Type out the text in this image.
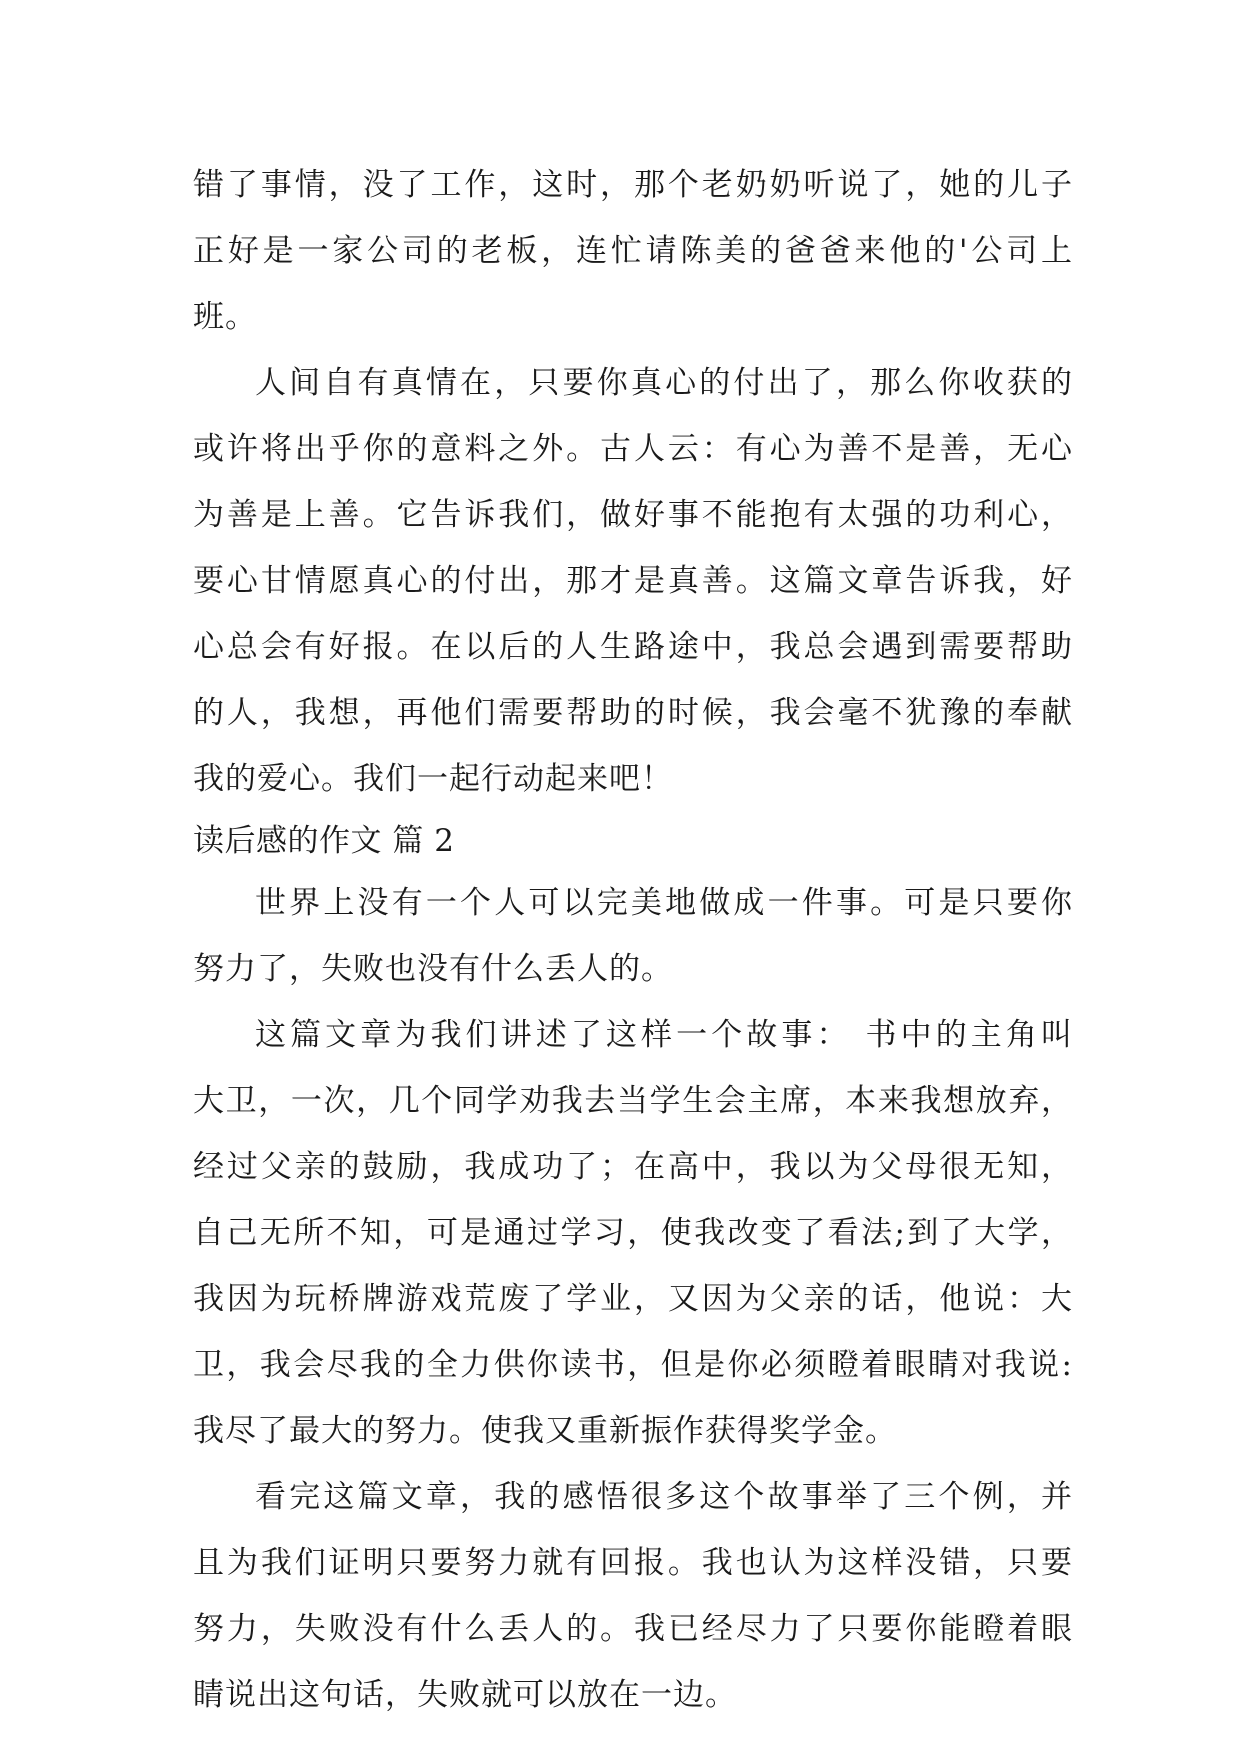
错了事情，没了工作，这时，那个老奶奶听说了，她的儿子
正好是一家公司的老板，连忙请陈美的爸爸来他的'公司上
班。
人间自有真情在，只要你真心的付出了，那么你收获的
或许将出乎你的意料之外。古人云：有心为善不是善，无心
为善是上善。它告诉我们，做好事不能抱有太强的功利心，
要心甘情愿真心的付出，那才是真善。这篇文章告诉我，好
心总会有好报。在以后的人生路途中，我总会遇到需要帮助
的人，我想，再他们需要帮助的时候，我会毫不犹豫的奉献
我的爱心。我们一起行动起来吧！
读后感的作文 篇 2
世界上没有一个人可以完美地做成一件事。可是只要你
努力了，失败也没有什么丢人的。
这篇文章为我们讲述了这样一个故事： 书中的主角叫
大卫，一次，几个同学劝我去当学生会主席，本来我想放弃，
经过父亲的鼓励，我成功了；在高中，我以为父母很无知，
自己无所不知，可是通过学习，使我改变了看法;到了大学，
我因为玩桥牌游戏荒废了学业，又因为父亲的话，他说：大
卫，我会尽我的全力供你读书，但是你必须瞪着眼睛对我说:
我尽了最大的努力。使我又重新振作获得奖学金。
看完这篇文章，我的感悟很多这个故事举了三个例，并
且为我们证明只要努力就有回报。我也认为这样没错，只要
努力，失败没有什么丢人的。我已经尽力了只要你能瞪着眼
睛说出这句话，失败就可以放在一边。
